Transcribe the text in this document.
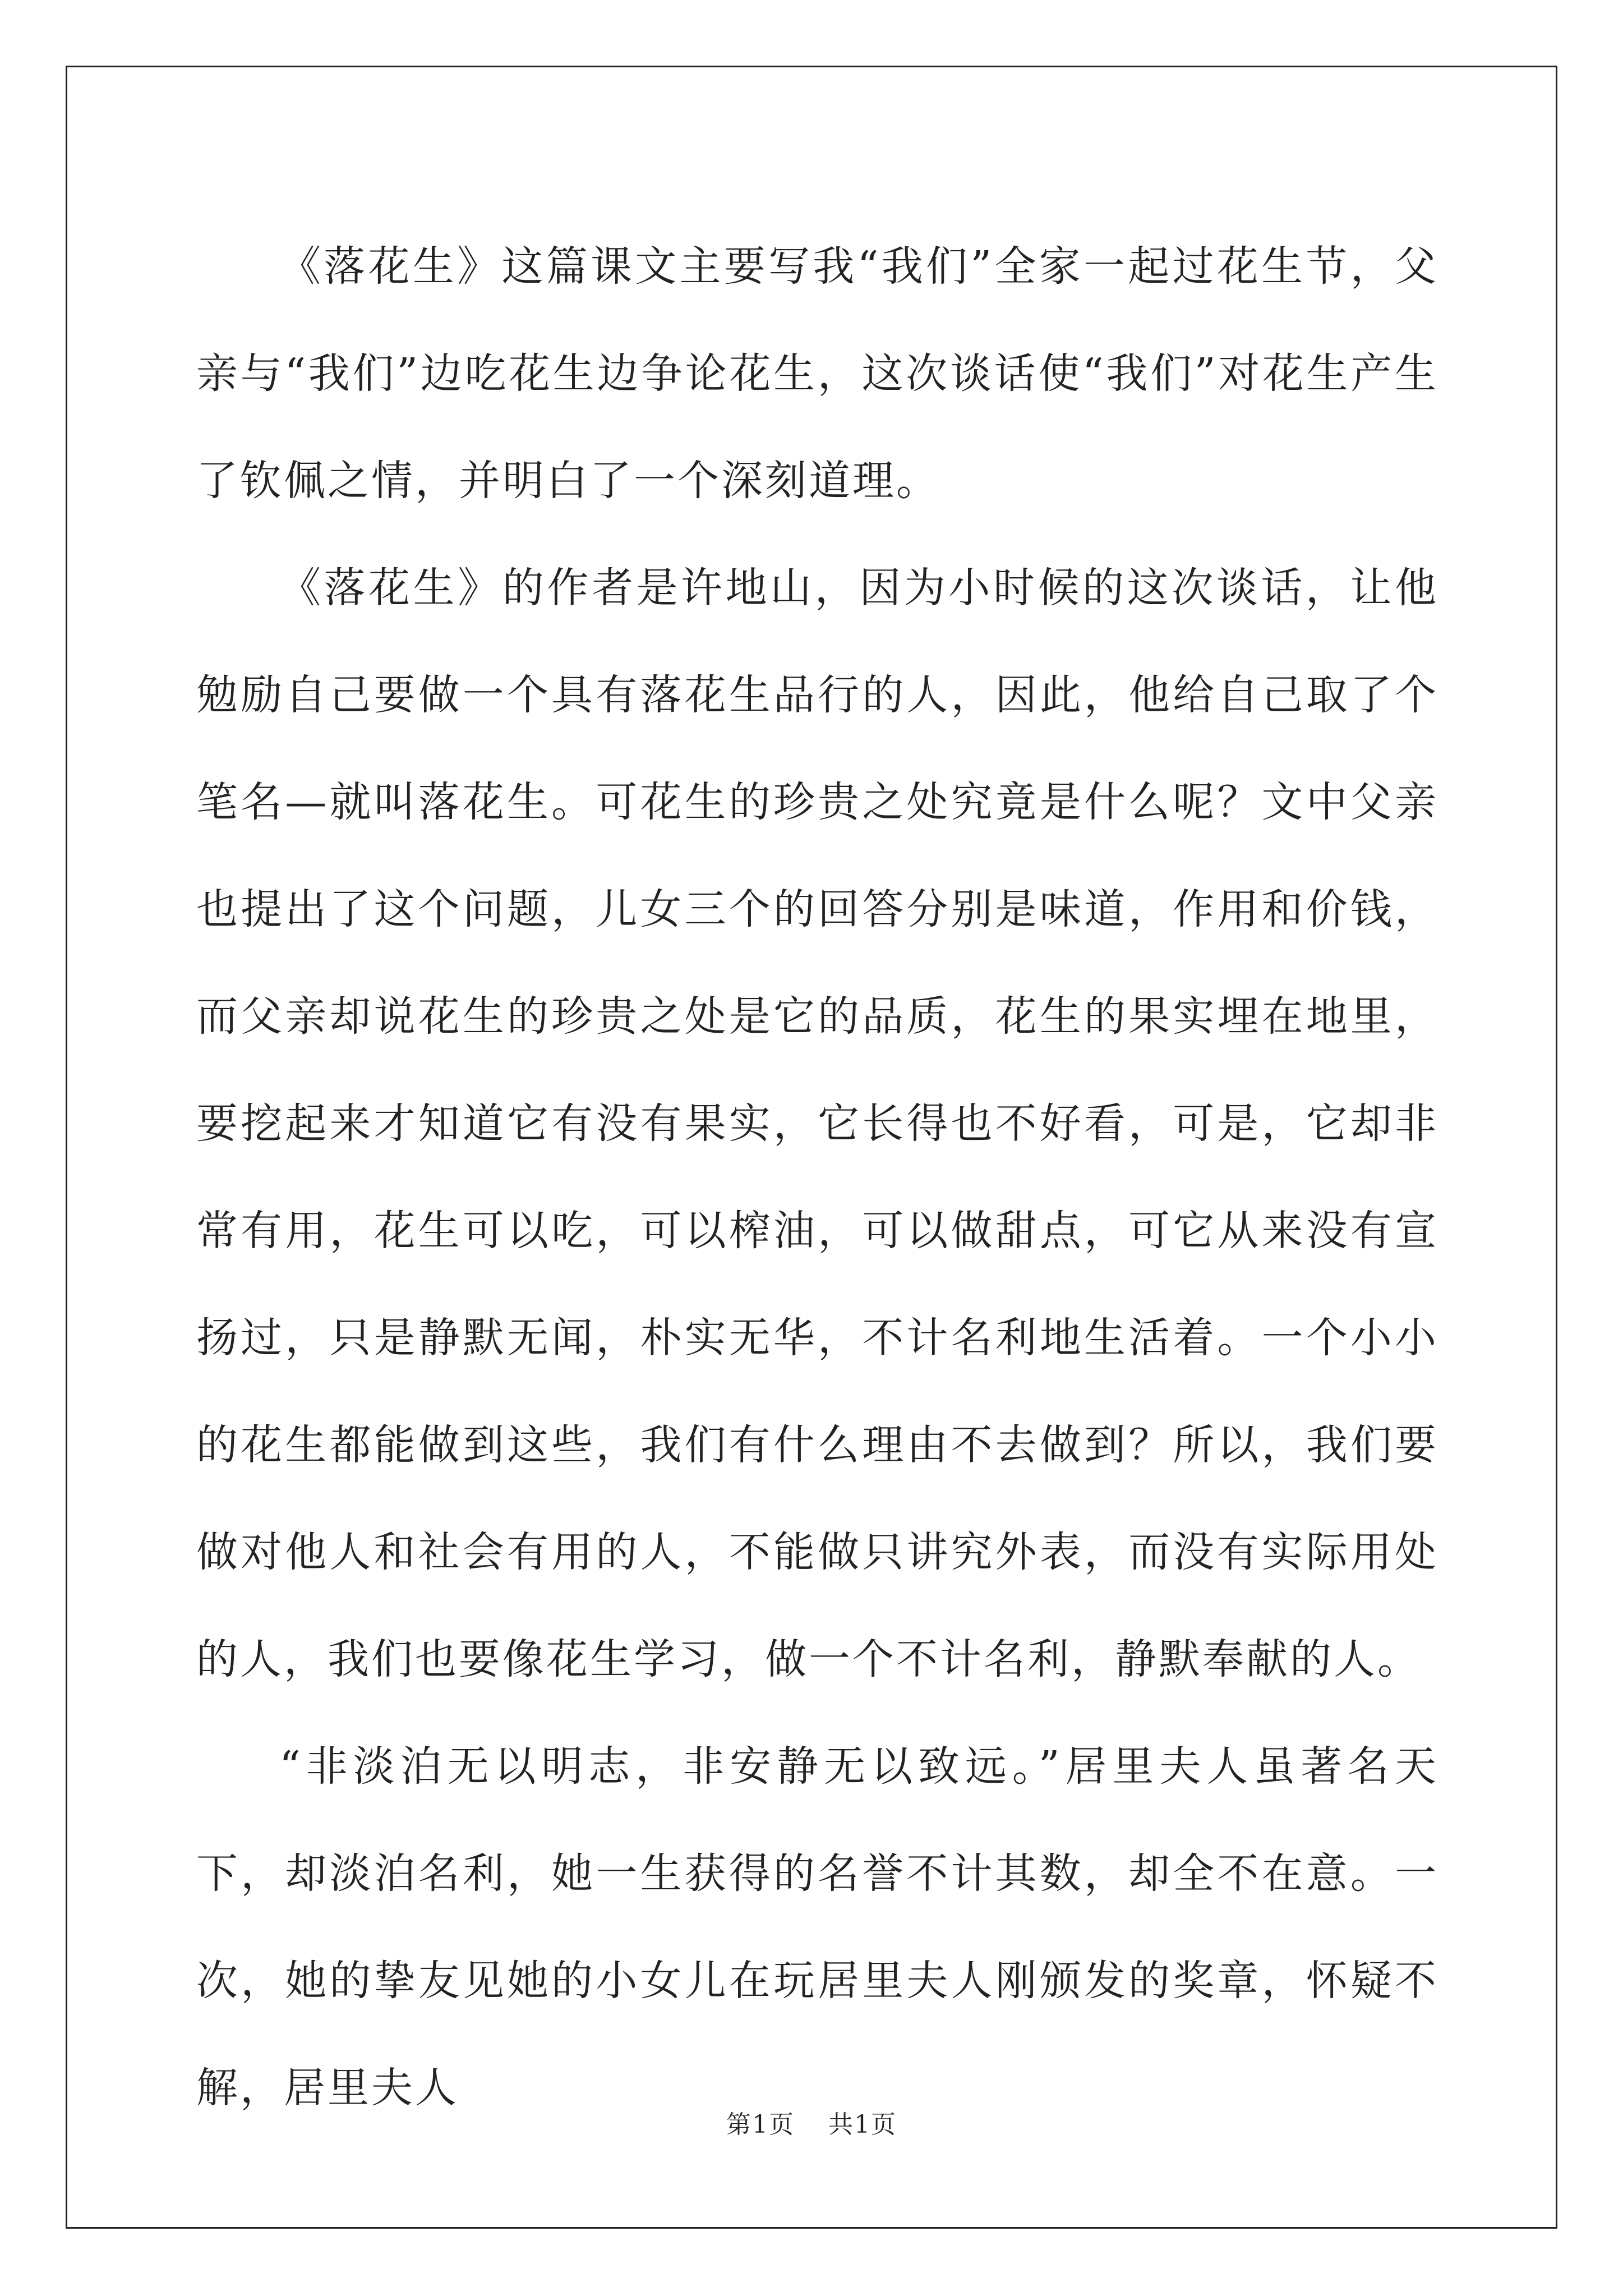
《落花生》这篇课文主要写我“我们”全家一起过花生节，父亲与“我们”边吃花生边争论花生，这次谈话使“我们”对花生产生了钦佩之情，并明白了一个深刻道理。

《落花生》的作者是许地山，因为小时候的这次谈话，让他勉励自己要做一个具有落花生品行的人，因此，他给自己取了个笔名—就叫落花生。可花生的珍贵之处究竟是什么呢？文中父亲也提出了这个问题，儿女三个的回答分别是味道，作用和价钱，而父亲却说花生的珍贵之处是它的品质，花生的果实埋在地里，要挖起来才知道它有没有果实，它长得也不好看，可是，它却非常有用，花生可以吃，可以榨油，可以做甜点，可它从来没有宣扬过，只是静默无闻，朴实无华，不计名利地生活着。一个小小的花生都能做到这些，我们有什么理由不去做到？所以，我们要做对他人和社会有用的人，不能做只讲究外表，而没有实际用处的人，我们也要像花生学习，做一个不计名利，静默奉献的人。

“非淡泊无以明志，非安静无以致远。”居里夫人虽著名天下，却淡泊名利，她一生获得的名誉不计其数，却全不在意。一次，她的挚友见她的小女儿在玩居里夫人刚颁发的奖章，怀疑不解，居里夫人

第1页 共1页
